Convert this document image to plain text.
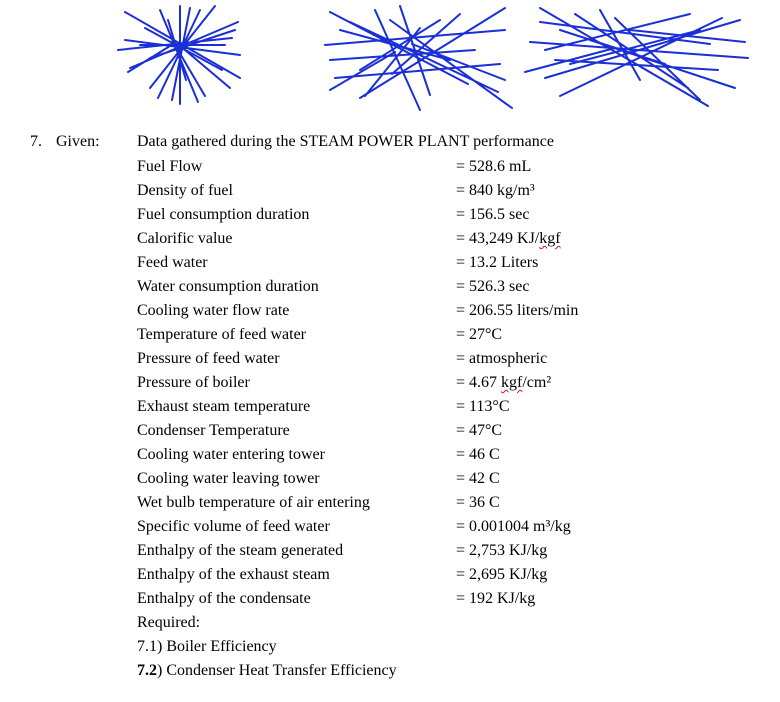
7. Given: Data gathered during the STEAM POWER PLANT performance
Fuel Flow	= 528.6 mL
Density of fuel	= 840 kg/m³
Fuel consumption duration	= 156.5 sec
Calorific value	= 43,249 KJ/kgf
Feed water	= 13.2 Liters
Water consumption duration	= 526.3 sec
Cooling water flow rate	= 206.55 liters/min
Temperature of feed water	= 27°C
Pressure of feed water	= atmospheric
Pressure of boiler	= 4.67 kgf/cm²
Exhaust steam temperature	= 113°C
Condenser Temperature	= 47°C
Cooling water entering tower	= 46 C
Cooling water leaving tower	= 42 C
Wet bulb temperature of air entering	= 36 C
Specific volume of feed water	= 0.001004 m³/kg
Enthalpy of the steam generated	= 2,753 KJ/kg
Enthalpy of the exhaust steam	= 2,695 KJ/kg
Enthalpy of the condensate	= 192 KJ/kg
Required:
7.1) Boiler Efficiency
7.2) Condenser Heat Transfer Efficiency
